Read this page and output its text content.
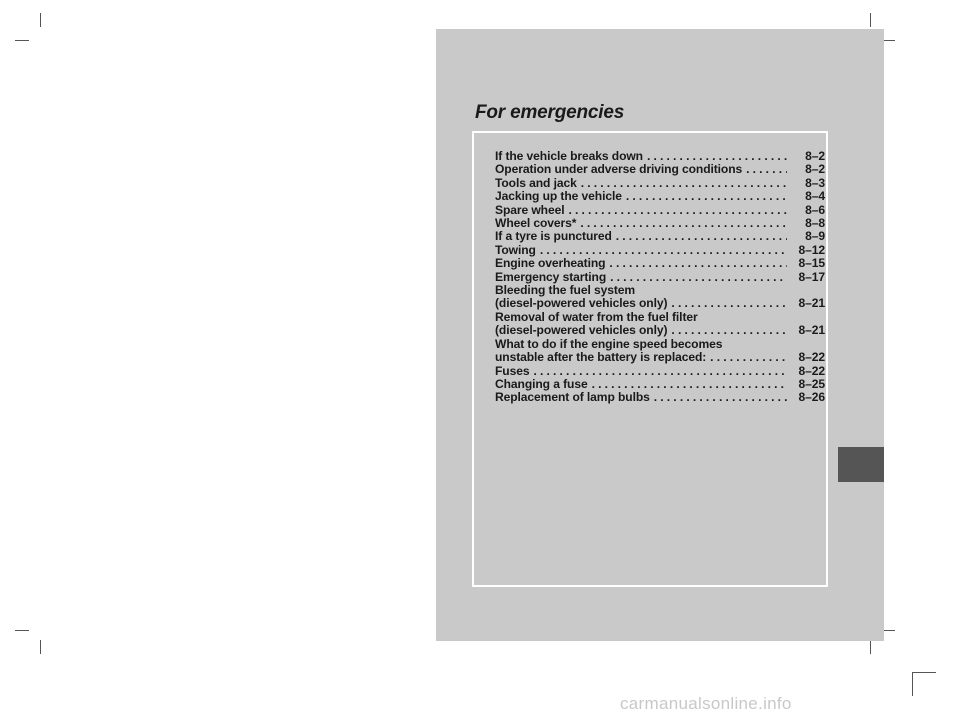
For emergencies
If the vehicle breaks down . . .	8–2
Operation under adverse driving conditions . . .	8–2
Tools and jack . . .	8–3
Jacking up the vehicle . . .	8–4
Spare wheel . . .	8–6
Wheel covers* . . .	8–8
If a tyre is punctured . . .	8–9
Towing . . .	8–12
Engine overheating . . .	8–15
Emergency starting . . .	8–17
Bleeding the fuel system
(diesel-powered vehicles only) . . .	8–21
Removal of water from the fuel filter
(diesel-powered vehicles only) . . .	8–21
What to do if the engine speed becomes
unstable after the battery is replaced: . . .	8–22
Fuses . . .	8–22
Changing a fuse . . .	8–25
Replacement of lamp bulbs . . .	8–26
carmanualsonline.info
